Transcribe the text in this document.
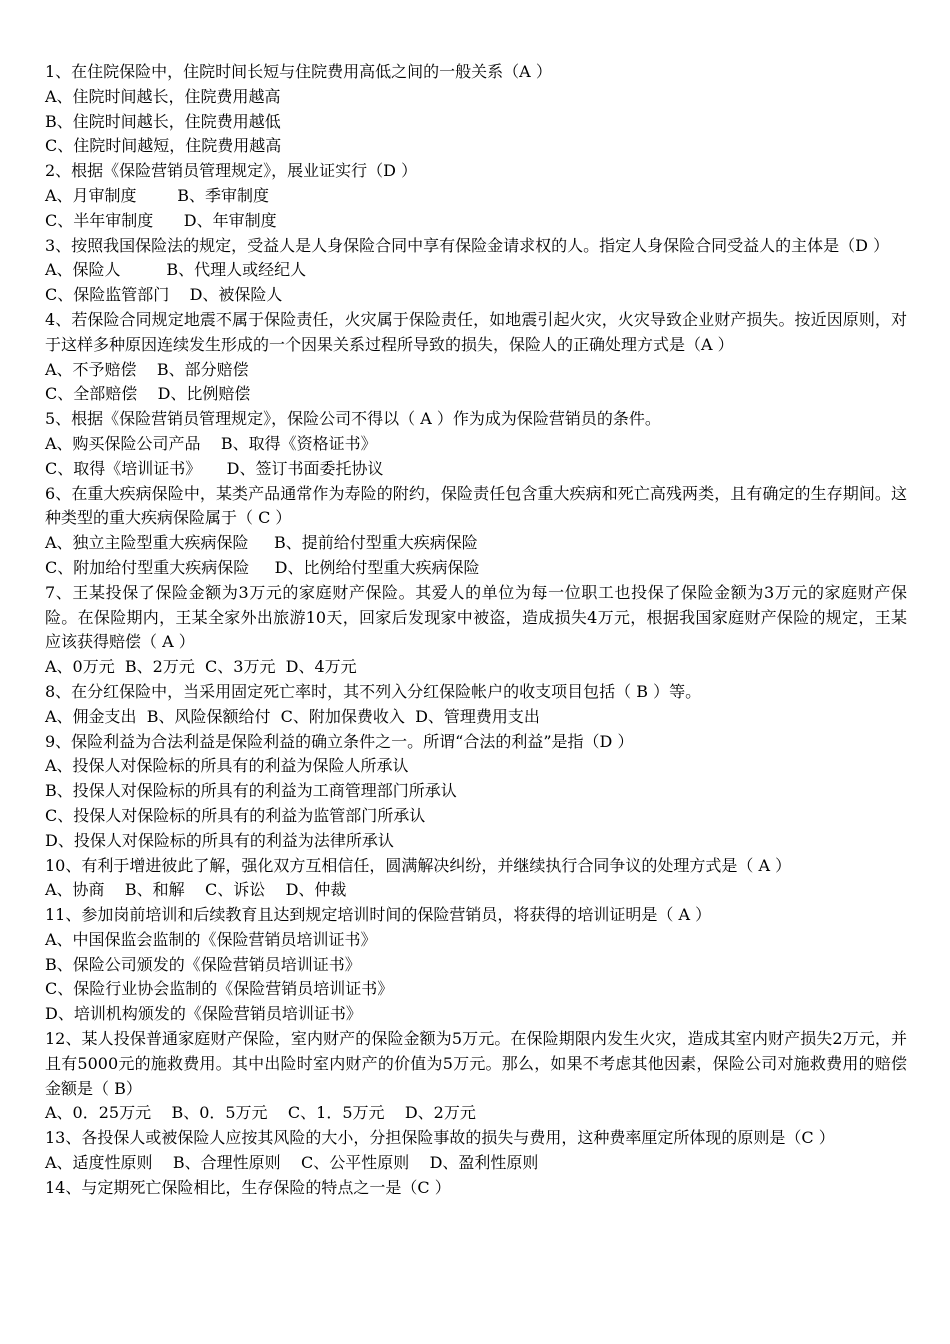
1、在住院保险中，住院时间长短与住院费用高低之间的一般关系（A ）
A、住院时间越长，住院费用越高
B、住院时间越长，住院费用越低
C、住院时间越短，住院费用越高
2、根据《保险营销员管理规定》，展业证实行（D ）
A、月审制度        B、季审制度
C、半年审制度      D、年审制度
3、按照我国保险法的规定，受益人是人身保险合同中享有保险金请求权的人。指定人身保险合同受益人的主体是（D ）
A、保险人         B、代理人或经纪人
C、保险监管部门    D、被保险人
4、若保险合同规定地震不属于保险责任，火灾属于保险责任，如地震引起火灾，火灾导致企业财产损失。按近因原则，对于这样多种原因连续发生形成的一个因果关系过程所导致的损失，保险人的正确处理方式是（A ）
A、不予赔偿    B、部分赔偿
C、全部赔偿    D、比例赔偿
5、根据《保险营销员管理规定》，保险公司不得以（ A ）作为成为保险营销员的条件。
A、购买保险公司产品    B、取得《资格证书》
C、取得《培训证书》     D、签订书面委托协议
6、在重大疾病保险中，某类产品通常作为寿险的附约，保险责任包含重大疾病和死亡高残两类，且有确定的生存期间。这种类型的重大疾病保险属于（ C ）
A、独立主险型重大疾病保险     B、提前给付型重大疾病保险
C、附加给付型重大疾病保险     D、比例给付型重大疾病保险
7、王某投保了保险金额为3万元的家庭财产保险。其爱人的单位为每一位职工也投保了保险金额为3万元的家庭财产保险。在保险期内，王某全家外出旅游10天，回家后发现家中被盗，造成损失4万元，根据我国家庭财产保险的规定，王某应该获得赔偿（ A ）
A、0万元  B、2万元  C、3万元  D、4万元
8、在分红保险中，当采用固定死亡率时，其不列入分红保险帐户的收支项目包括（ B ）等。
A、佣金支出  B、风险保额给付  C、附加保费收入  D、管理费用支出
9、保险利益为合法利益是保险利益的确立条件之一。所谓“合法的利益”是指（D ）
A、投保人对保险标的所具有的利益为保险人所承认
B、投保人对保险标的所具有的利益为工商管理部门所承认
C、投保人对保险标的所具有的利益为监管部门所承认
D、投保人对保险标的所具有的利益为法律所承认
10、有利于增进彼此了解，强化双方互相信任，圆满解决纠纷，并继续执行合同争议的处理方式是（ A ）
A、协商    B、和解    C、诉讼    D、仲裁
11、参加岗前培训和后续教育且达到规定培训时间的保险营销员，将获得的培训证明是（ A ）
A、中国保监会监制的《保险营销员培训证书》
B、保险公司颁发的《保险营销员培训证书》
C、保险行业协会监制的《保险营销员培训证书》
D、培训机构颁发的《保险营销员培训证书》
12、某人投保普通家庭财产保险，室内财产的保险金额为5万元。在保险期限内发生火灾，造成其室内财产损失2万元，并且有5000元的施救费用。其中出险时室内财产的价值为5万元。那么，如果不考虑其他因素，保险公司对施救费用的赔偿金额是（ B）
A、0．25万元    B、0．5万元    C、1．5万元    D、2万元
13、各投保人或被保险人应按其风险的大小，分担保险事故的损失与费用，这种费率厘定所体现的原则是（C ）
A、适度性原则    B、合理性原则    C、公平性原则    D、盈利性原则
14、与定期死亡保险相比，生存保险的特点之一是（C ）
